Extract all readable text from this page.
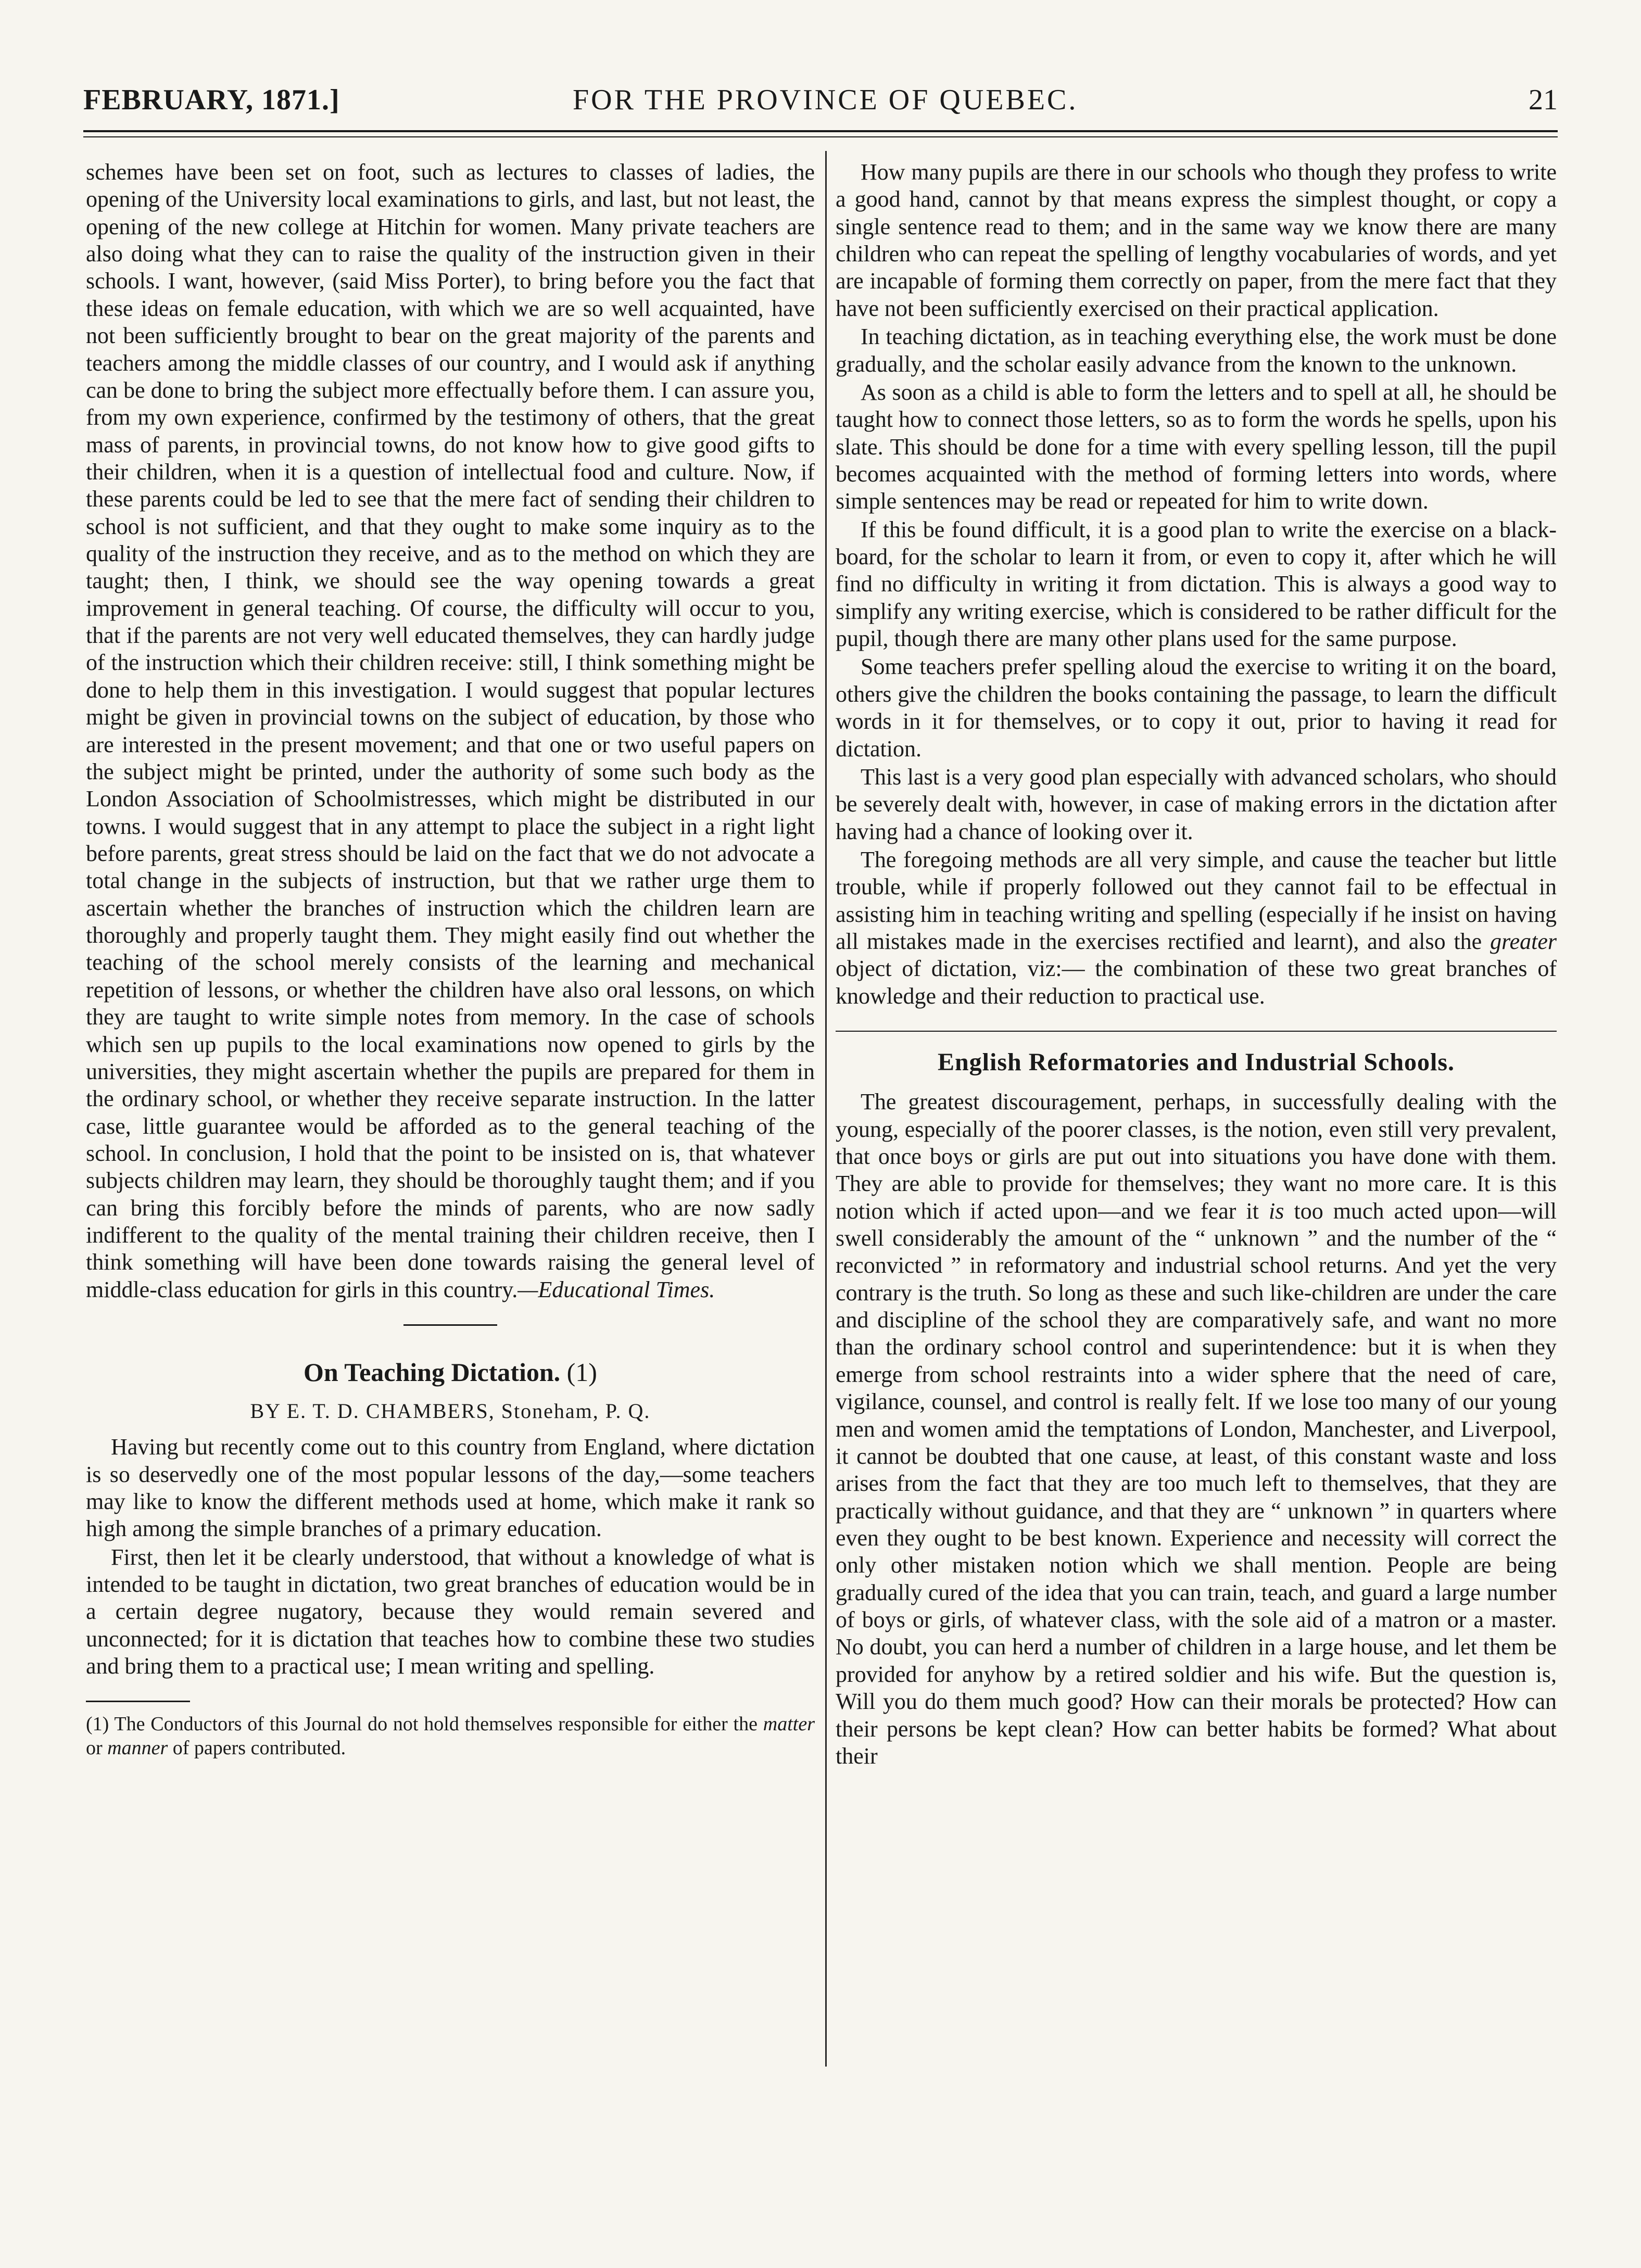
FEBRUARY, 1871.]	FOR THE PROVINCE OF QUEBEC.	21

schemes have been set on foot, such as lectures to classes of ladies, the opening of the University local examinations to girls, and last, but not least, the opening of the new college at Hitchin for women. Many private teachers are also doing what they can to raise the quality of the instruction given in their schools. I want, however, (said Miss Porter), to bring before you the fact that these ideas on female education, with which we are so well acquainted, have not been sufficiently brought to bear on the great majority of the parents and teachers among the middle classes of our country, and I would ask if anything can be done to bring the subject more effectually before them. I can assure you, from my own experience, confirmed by the testimony of others, that the great mass of parents, in provincial towns, do not know how to give good gifts to their children, when it is a question of intellectual food and culture. Now, if these parents could be led to see that the mere fact of sending their children to school is not sufficient, and that they ought to make some inquiry as to the quality of the instruction they receive, and as to the method on which they are taught; then, I think, we should see the way opening towards a great improvement in general teaching. Of course, the difficulty will occur to you, that if the parents are not very well educated themselves, they can hardly judge of the instruction which their children receive: still, I think something might be done to help them in this investigation. I would suggest that popular lectures might be given in provincial towns on the subject of education, by those who are interested in the present movement; and that one or two useful papers on the subject might be printed, under the authority of some such body as the London Association of Schoolmistresses, which might be distributed in our towns. I would suggest that in any attempt to place the subject in a right light before parents, great stress should be laid on the fact that we do not advocate a total change in the subjects of instruction, but that we rather urge them to ascertain whether the branches of instruction which the children learn are thoroughly and properly taught them. They might easily find out whether the teaching of the school merely consists of the learning and mechanical repetition of lessons, or whether the children have also oral lessons, on which they are taught to write simple notes from memory. In the case of schools which sen up pupils to the local examinations now opened to girls by the universities, they might ascertain whether the pupils are prepared for them in the ordinary school, or whether they receive separate instruction. In the latter case, little guarantee would be afforded as to the general teaching of the school. In conclusion, I hold that the point to be insisted on is, that whatever subjects children may learn, they should be thoroughly taught them; and if you can bring this forcibly before the minds of parents, who are now sadly indifferent to the quality of the mental training their children receive, then I think something will have been done towards raising the general level of middle-class education for girls in this country.—Educational Times.

On Teaching Dictation. (1)
BY E. T. D. CHAMBERS, Stoneham, P. Q.

Having but recently come out to this country from England, where dictation is so deservedly one of the most popular lessons of the day,—some teachers may like to know the different methods used at home, which make it rank so high among the simple branches of a primary education.

First, then let it be clearly understood, that without a knowledge of what is intended to be taught in dictation, two great branches of education would be in a certain degree nugatory, because they would remain severed and unconnected; for it is dictation that teaches how to combine these two studies and bring them to a practical use; I mean writing and spelling.

(1) The Conductors of this Journal do not hold themselves responsible for either the matter or manner of papers contributed.

How many pupils are there in our schools who though they profess to write a good hand, cannot by that means express the simplest thought, or copy a single sentence read to them; and in the same way we know there are many children who can repeat the spelling of lengthy vocabularies of words, and yet are incapable of forming them correctly on paper, from the mere fact that they have not been sufficiently exercised on their practical application.

In teaching dictation, as in teaching everything else, the work must be done gradually, and the scholar easily advance from the known to the unknown.

As soon as a child is able to form the letters and to spell at all, he should be taught how to connect those letters, so as to form the words he spells, upon his slate. This should be done for a time with every spelling lesson, till the pupil becomes acquainted with the method of forming letters into words, where simple sentences may be read or repeated for him to write down.

If this be found difficult, it is a good plan to write the exercise on a black-board, for the scholar to learn it from, or even to copy it, after which he will find no difficulty in writing it from dictation. This is always a good way to simplify any writing exercise, which is considered to be rather difficult for the pupil, though there are many other plans used for the same purpose.

Some teachers prefer spelling aloud the exercise to writing it on the board, others give the children the books containing the passage, to learn the difficult words in it for themselves, or to copy it out, prior to having it read for dictation.

This last is a very good plan especially with advanced scholars, who should be severely dealt with, however, in case of making errors in the dictation after having had a chance of looking over it.

The foregoing methods are all very simple, and cause the teacher but little trouble, while if properly followed out they cannot fail to be effectual in assisting him in teaching writing and spelling (especially if he insist on having all mistakes made in the exercises rectified and learnt), and also the greater object of dictation, viz:— the combination of these two great branches of knowledge and their reduction to practical use.

English Reformatories and Industrial Schools.

The greatest discouragement, perhaps, in successfully dealing with the young, especially of the poorer classes, is the notion, even still very prevalent, that once boys or girls are put out into situations you have done with them. They are able to provide for themselves; they want no more care. It is this notion which if acted upon—and we fear it is too much acted upon—will swell considerably the amount of the “ unknown ” and the number of the “ reconvicted ” in reformatory and industrial school returns. And yet the very contrary is the truth. So long as these and such like-children are under the care and discipline of the school they are comparatively safe, and want no more than the ordinary school control and superintendence: but it is when they emerge from school restraints into a wider sphere that the need of care, vigilance, counsel, and control is really felt. If we lose too many of our young men and women amid the temptations of London, Manchester, and Liverpool, it cannot be doubted that one cause, at least, of this constant waste and loss arises from the fact that they are too much left to themselves, that they are practically without guidance, and that they are “ unknown ” in quarters where even they ought to be best known. Experience and necessity will correct the only other mistaken notion which we shall mention. People are being gradually cured of the idea that you can train, teach, and guard a large number of boys or girls, of whatever class, with the sole aid of a matron or a master. No doubt, you can herd a number of children in a large house, and let them be provided for anyhow by a retired soldier and his wife. But the question is, Will you do them much good? How can their morals be protected? How can their persons be kept clean? How can better habits be formed? What about their
